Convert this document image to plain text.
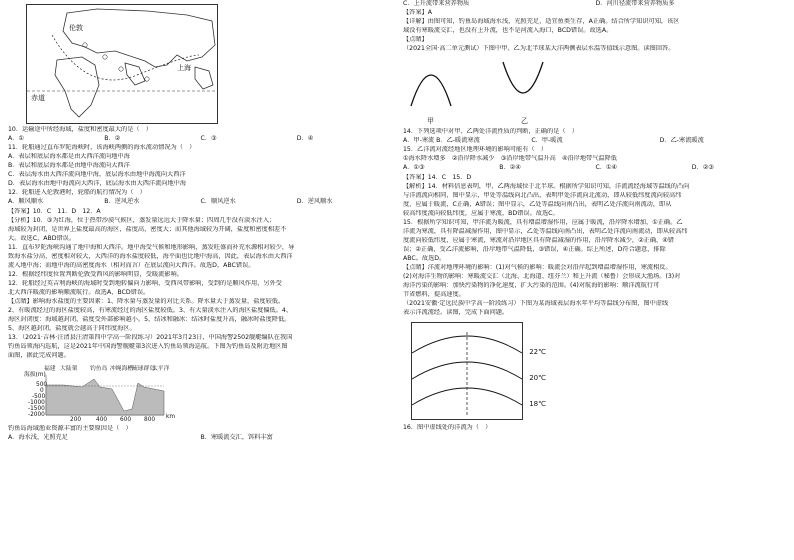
伦敦
上海
赤道
10．运输途中所经海域，盐度和密度最大的是（　）
A．①	B．②	C．③	D．④
11．轮船通过直布罗陀海峡时，该海峡两侧的海水流动情况为（　）
A．表层和底层海水都是由大西洋流向地中海
B．表层和底层海水都是由地中海流向大西洋
C．表层海水由大西洋流向地中海，底层海水由地中海流向大西洋
D．表层海水由地中海流向大西洋，底层海水由大西洋流向地中海
12．轮船进入伦敦港时，轮船的航行情况为（　）
A．顺风顺水	B．逆风逆水	C．顺风逆水	D．逆风顺水
【答案】10．C　11．D　12．A
【分析】10．③为红海，位于热带沙漠气候区，蒸发量远远大于降水量；四周几乎没有淡水注入；
海域较为封闭，是世界上盐度最高的海区，盐度高，密度大；而其他海域较为开阔，盐度和密度相差不
大。故选C，ABD错误。
11．直布罗陀海峡沟通了地中海和大西洋。地中海受气候和地形影响，蒸发旺盛而补充水源相对较少，导
致海水盐分高，密度相对较大，大西洋的海水盐度较低，海平面也比地中海高，因此，表层海水由大西洋
流入地中海；而地中海的高密度海水（相对而言）在底层流向大西洋。故选D，ABC错误。
12．根据经纬度位置判断伦敦受西风的影响明显，受暖流影响。
12．轮船经过英吉利海峡的海域时受到地转偏向力影响，受西风带影响，受到的是顺风作用，另外受
北大西洋暖流的影响顺流航行。故选A，BCD错误。
【点睛】影响海水盐度的主要因素：1、降水量与蒸发量的对比关系。降水量大于蒸发量，盐度较低。
2、有暖流经过的海区盐度较高，有寒流经过的海区盐度较低。3、有大量淡水注入的海区盐度偏低。4、
海区封闭度：海域越封闭，盐度受外部影响越小。5、结冰和融冰：结冰时盐度升高，融冰时盐度降低。
5、海区越封闭，盐度就会越高于同纬度海区。
13．（2021·吉林·汪清县汪清第四中学高一阶段练习）2021年3月23日，中国海警2502舰艇编队在我国
钓鱼岛领海内巡航，这是2021年中国海警舰艇第3次进入钓鱼岛领海巡航。下图为钓鱼岛及附近地区图
面图，据此完成问题。
海拔(m)
福建 大陆架 钓鱼岛 冲绳海槽
琉球群岛
太平洋
km
500
0
-500
-1000
-1500
-2000
200	400 600 800
钓鱼岛海域渔业资源丰富的主要原因是（　）
A．海水浅，光照充足	B．寒暖流交汇，饵料丰富
C．上升流带来营养物质	D．河川径流带来营养物质多
【答案】A
【详解】由图可知，钓鱼岛海域海水浅，光照充足，适宜鱼类生存，A正确。结合所学知识可知，该区
域没有寒暖流交汇，也没有上升流，也不是河流入海口，BCD错误。故选A。
【点睛】
（2021全国·高二单元测试）下图中甲、乙为北半球某大洋两侧表层水温等值线示意图。读图回答。
甲	乙
14．下列选项中对甲、乙两处洋流性质的判断，正确的是（　）
A．甲-寒流 B．乙-暖流寒流	C．甲-暖流	D．乙-寒流暖流
15．乙洋流对流经地区地理环境的影响可能有（　）
①海水降水增多　②沿岸降水减少　③沿岸地带气温升高　④沿岸地带气温降低
A．①③	B．②④	C．①④	D．②③
【答案】14．C　15．D
【解析】14．材料信息表明，甲、乙两海域位于北半球。根据所学知识可知，洋流流经海域等温线的凸向
与洋流流向相同，图中显示，甲处等温线向北凸出，表明甲处洋流向北流动，即从较低纬度流向较高纬
度，应属于暖流，C正确，A错误；图中显示，乙处等温线向南凸出，表明乙处洋流向南流动，即从
较高纬度流向较低纬度，应属于寒流，BD错误。故选C。
15．根据所学知识可知，甲洋流为暖流，具有增温增湿作用，应属于暖流，沿岸降水增加，①正确。乙
洋流为寒流，具有降温减湿作用，图中显示，乙处等温线向南凸出，表明乙处洋流向南流动，即从较高纬
度流向较低纬度，应属于寒流，寒流对沿岸地区具有降温减湿的作用，沿岸降水减少，②正确，④错
误；②正确，受乙洋流影响，沿岸地带气温降低，③错误，④正确。综上所述，D符合题意，排除
ABC。故选D。
【点睛】洋流对地理环境的影响：(1)对气候的影响：暖流会对沿岸起到增温增湿作用，寒流相反。
(2)对海洋生物的影响：寒暖流交汇（北海、北海道、纽芬兰）和上升流（秘鲁）会形成大渔场。(3)对
海洋污染的影响：加快污染物的净化速度，扩大污染的范围。(4)对航海的影响：顺洋流航行可
节省燃料，提高速度。
（2021安徽·定远民族中学高一阶段练习）下图为某海域表层海水年平均等温线分布图，图中虚线
表示洋流流经。读图，完成下面问题。
22℃
20℃
18℃
16．图中虚线处的洋流为（　）
